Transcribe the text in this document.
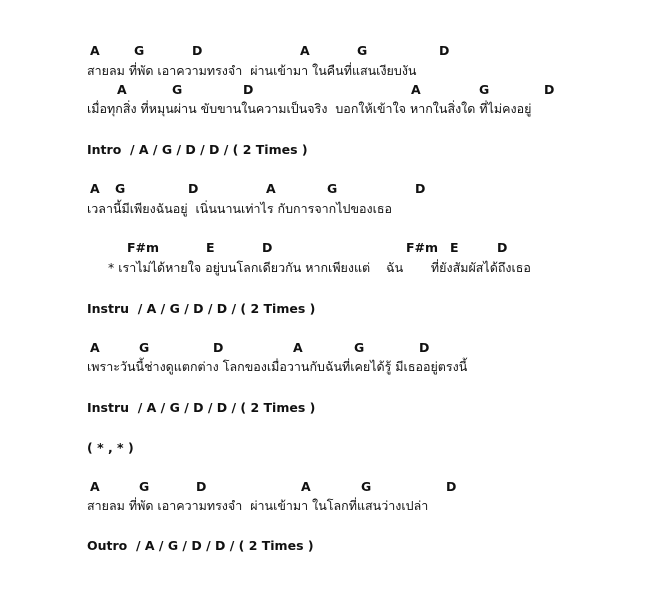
A	G	D	A	G	D
สายลม ที่พัด เอาความทรงจำ  ผ่านเข้ามา ในคืนที่แสนเงียบงัน
A	G	D	A	G	D
เมื่อทุกสิ่ง ที่หมุนผ่าน ขับขานในความเป็นจริง  บอกให้เข้าใจ หากในสิ่งใด ที่ไม่คงอยู่
Intro  / A / G / D / D / ( 2 Times )
A G	D	A	G	D
เวลานี้มีเพียงฉันอยู่  เนิ่นนานเท่าไร กับการจากไปของเธอ
F#m	E	D	F#m E	D
* เราไม่ได้หายใจ อยู่บนโลกเดียวกัน หากเพียงแต่    ฉัน       ที่ยังสัมผัสได้ถึงเธอ
Instru  / A / G / D / D / ( 2 Times )
A	G	D	A	G	D
เพราะวันนี้ช่างดูแตกต่าง โลกของเมื่อวานกับฉันที่เคยได้รู้ มีเธออยู่ตรงนี้
Instru  / A / G / D / D / ( 2 Times )
( * , * )
A	G	D	A	G	D
สายลม ที่พัด เอาความทรงจำ  ผ่านเข้ามา ในโลกที่แสนว่างเปล่า
Outro  / A / G / D / D / ( 2 Times )
